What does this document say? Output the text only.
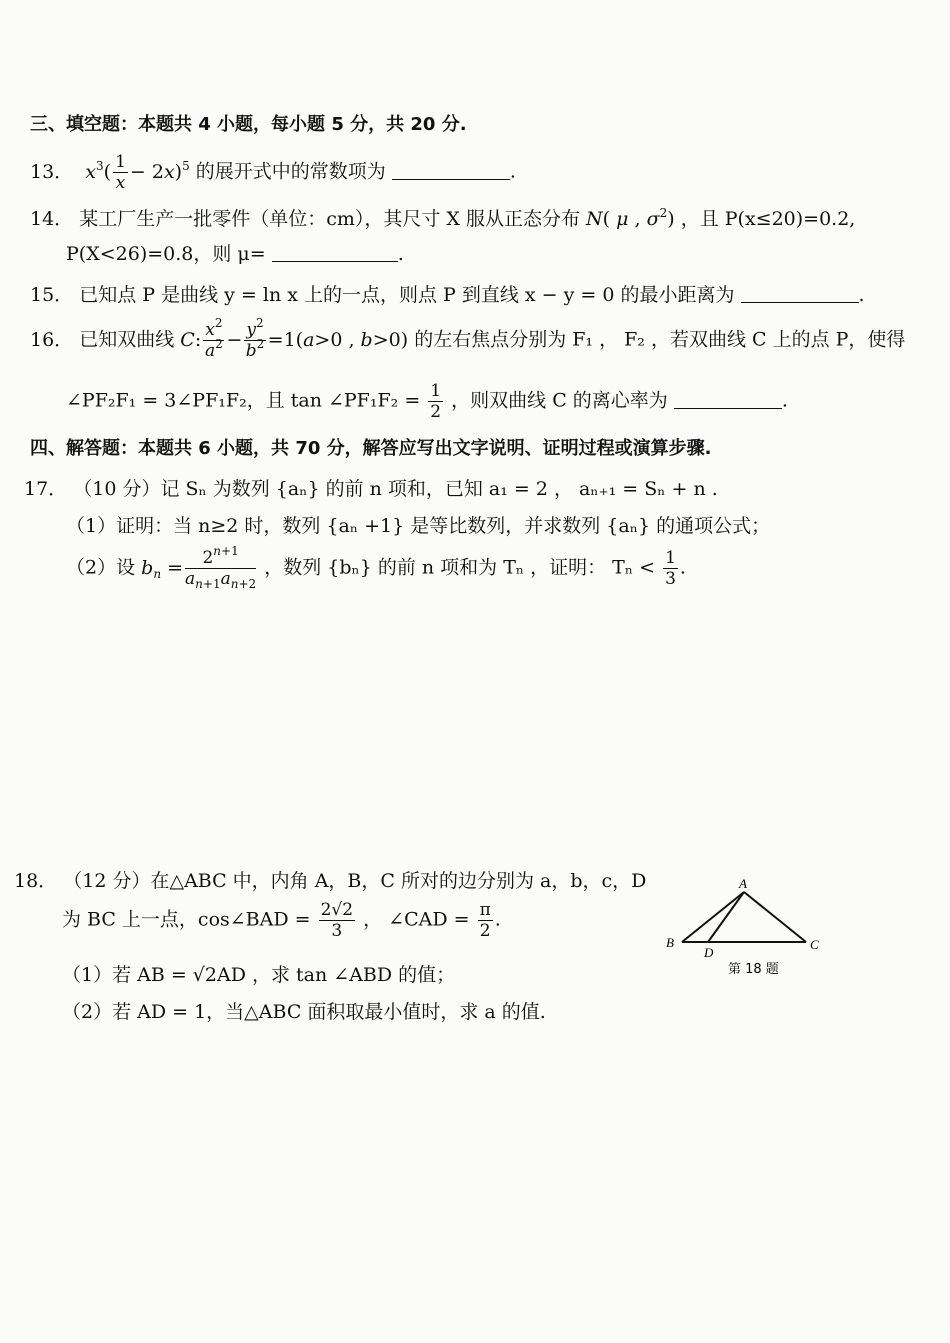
三、填空题：本题共 4 小题，每小题 5 分，共 20 分.
13． $x^3( \frac{1}{x} - 2x)^5$ 的展开式中的常数项为	.
14． 某工厂生产一批零件（单位：cm），其尺寸 X 服从正态分布 N( μ , $\sigma^2$) ，且 P(x≤20)=0.2,
P(X<26)=0.8，则 μ=	.
15． 已知点 P 是曲线 y = ln x 上的一点，则点 P 到直线 x − y = 0 的最小距离为	.
16． 已知双曲线 C: $\frac{x^2}{a^2} - \frac{y^2}{b^2} =1(a>0$ , b>0) 的左右焦点分别为 F₁ ， F₂ ，若双曲线 C 上的点 P，使得
∠PF₂F₁ = 3∠PF₁F₂，且 tan ∠PF₁F₂ = $\frac{1}{2}$ ，则双曲线 C 的离心率为	.
四、解答题：本题共 6 小题，共 70 分，解答应写出文字说明、证明过程或演算步骤.
17． （10 分）记 Sₙ 为数列 {aₙ} 的前 n 项和，已知 a₁ = 2 ， aₙ₊₁ = Sₙ + n .
（1）证明：当 n≥2 时，数列 {aₙ +1} 是等比数列，并求数列 {aₙ} 的通项公式；
（2）设 $b_n = \frac{2^{n+1}}{a_{n+1}a_{n+2}}$ ，数列 {bₙ} 的前 n 项和为 Tₙ ，证明： $T_n < \frac{1}{3}$ .
18． （12 分）在△ABC 中，内角 A，B，C 所对的边分别为 a，b，c，D
为 BC 上一点，cos∠BAD = $\frac{2√2}{3}$ ， ∠CAD = $\frac{\pi}{2}$ .
（1）若 AB = √2AD ，求 tan ∠ABD 的值；
（2）若 AD = 1，当△ABC 面积取最小值时，求 a 的值.
A
B	C
D
第 18 题
